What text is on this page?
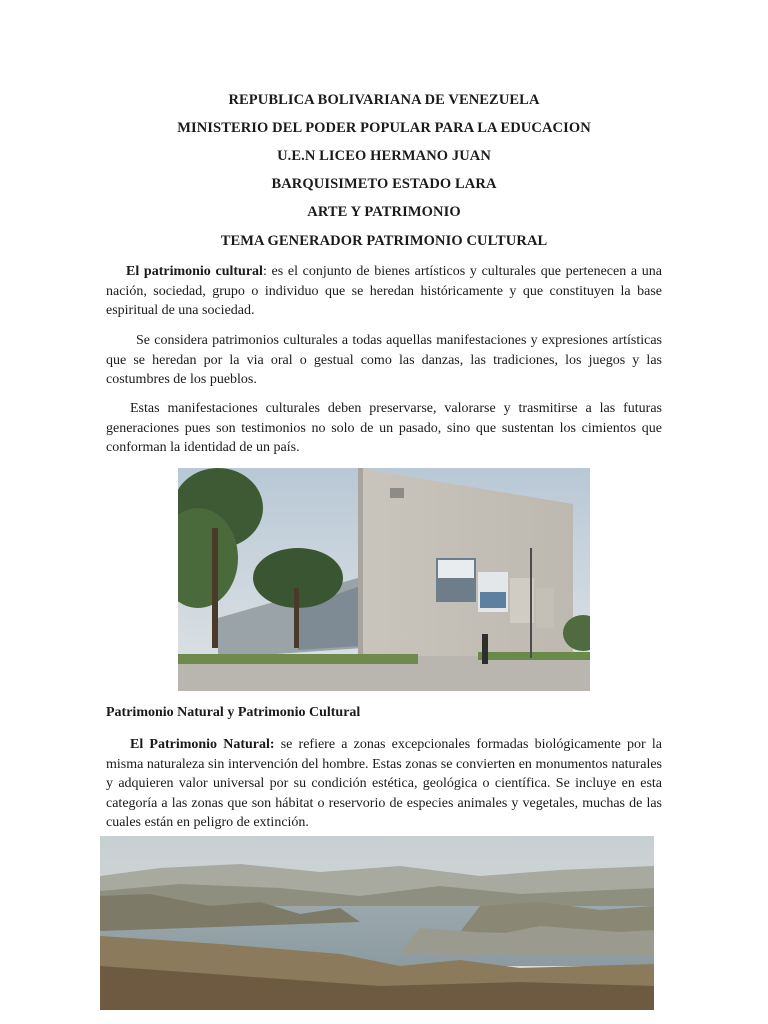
REPUBLICA BOLIVARIANA DE VENEZUELA
MINISTERIO DEL PODER POPULAR PARA LA EDUCACION
U.E.N LICEO HERMANO JUAN
BARQUISIMETO ESTADO LARA
ARTE Y PATRIMONIO
TEMA GENERADOR PATRIMONIO CULTURAL

El patrimonio cultural: es el conjunto de bienes artísticos y culturales que pertenecen a una nación, sociedad, grupo o individuo que se heredan históricamente y que constituyen la base espiritual de una sociedad.

Se considera patrimonios culturales a todas aquellas manifestaciones y expresiones artísticas que se heredan por la via oral o gestual como las danzas, las tradiciones, los juegos y las costumbres de los pueblos.

Estas manifestaciones culturales deben preservarse, valorarse y trasmitirse a las futuras generaciones pues son testimonios no solo de un pasado, sino que sustentan los cimientos que conforman la identidad de un país.

Patrimonio Natural y Patrimonio Cultural

El Patrimonio Natural: se refiere a zonas excepcionales formadas biológicamente por la misma naturaleza sin intervención del hombre. Estas zonas se convierten en monumentos naturales y adquieren valor universal por su condición estética, geológica o científica. Se incluye en esta categoría a las zonas que son hábitat o reservorio de especies animales y vegetales, muchas de las cuales están en peligro de extinción.
